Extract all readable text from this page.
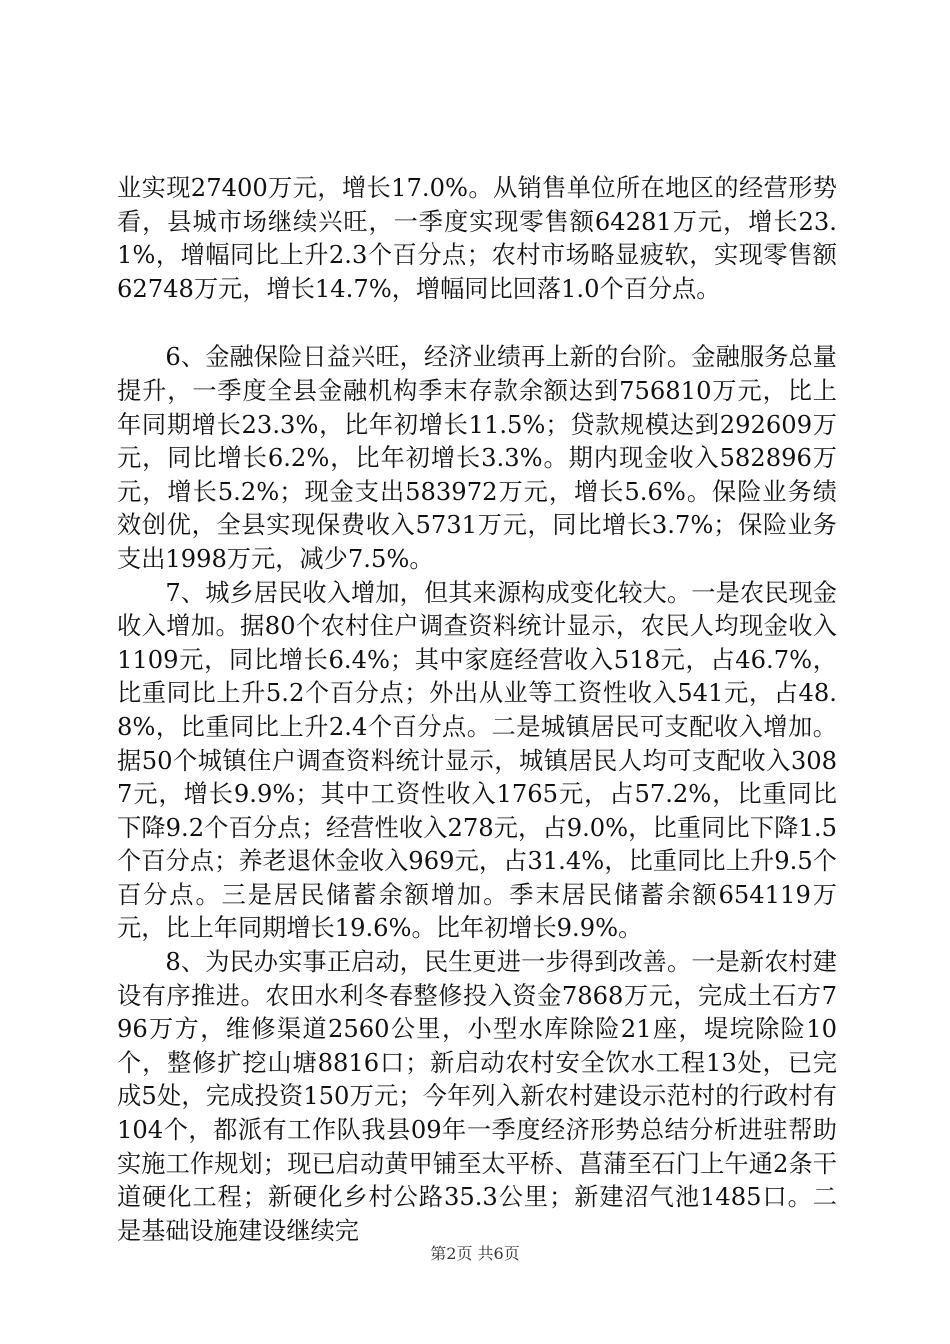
业实现27400万元，增长17.0%。从销售单位所在地区的经营形势看，县城市场继续兴旺，一季度实现零售额64281万元，增长23.1%，增幅同比上升2.3个百分点；农村市场略显疲软，实现零售额62748万元，增长14.7%，增幅同比回落1.0个百分点。

6、金融保险日益兴旺，经济业绩再上新的台阶。金融服务总量提升，一季度全县金融机构季末存款余额达到756810万元，比上年同期增长23.3%，比年初增长11.5%；贷款规模达到292609万元，同比增长6.2%，比年初增长3.3%。期内现金收入582896万元，增长5.2%；现金支出583972万元，增长5.6%。保险业务绩效创优，全县实现保费收入5731万元，同比增长3.7%；保险业务支出1998万元，减少7.5%。

7、城乡居民收入增加，但其来源构成变化较大。一是农民现金收入增加。据80个农村住户调查资料统计显示，农民人均现金收入1109元，同比增长6.4%；其中家庭经营收入518元，占46.7%，比重同比上升5.2个百分点；外出从业等工资性收入541元，占48.8%，比重同比上升2.4个百分点。二是城镇居民可支配收入增加。据50个城镇住户调查资料统计显示，城镇居民人均可支配收入3087元，增长9.9%；其中工资性收入1765元，占57.2%，比重同比下降9.2个百分点；经营性收入278元，占9.0%，比重同比下降1.5个百分点；养老退休金收入969元，占31.4%，比重同比上升9.5个百分点。三是居民储蓄余额增加。季末居民储蓄余额654119万元，比上年同期增长19.6%。比年初增长9.9%。

8、为民办实事正启动，民生更进一步得到改善。一是新农村建设有序推进。农田水利冬春整修投入资金7868万元，完成土石方796万方，维修渠道2560公里，小型水库除险21座，堤垸除险10个，整修扩挖山塘8816口；新启动农村安全饮水工程13处，已完成5处，完成投资150万元；今年列入新农村建设示范村的行政村有104个，都派有工作队我县09年一季度经济形势总结分析进驻帮助实施工作规划；现已启动黄甲铺至太平桥、菖蒲至石门上午通2条干道硬化工程；新硬化乡村公路35.3公里；新建沼气池1485口。二是基础设施建设继续完

第2页 共6页
